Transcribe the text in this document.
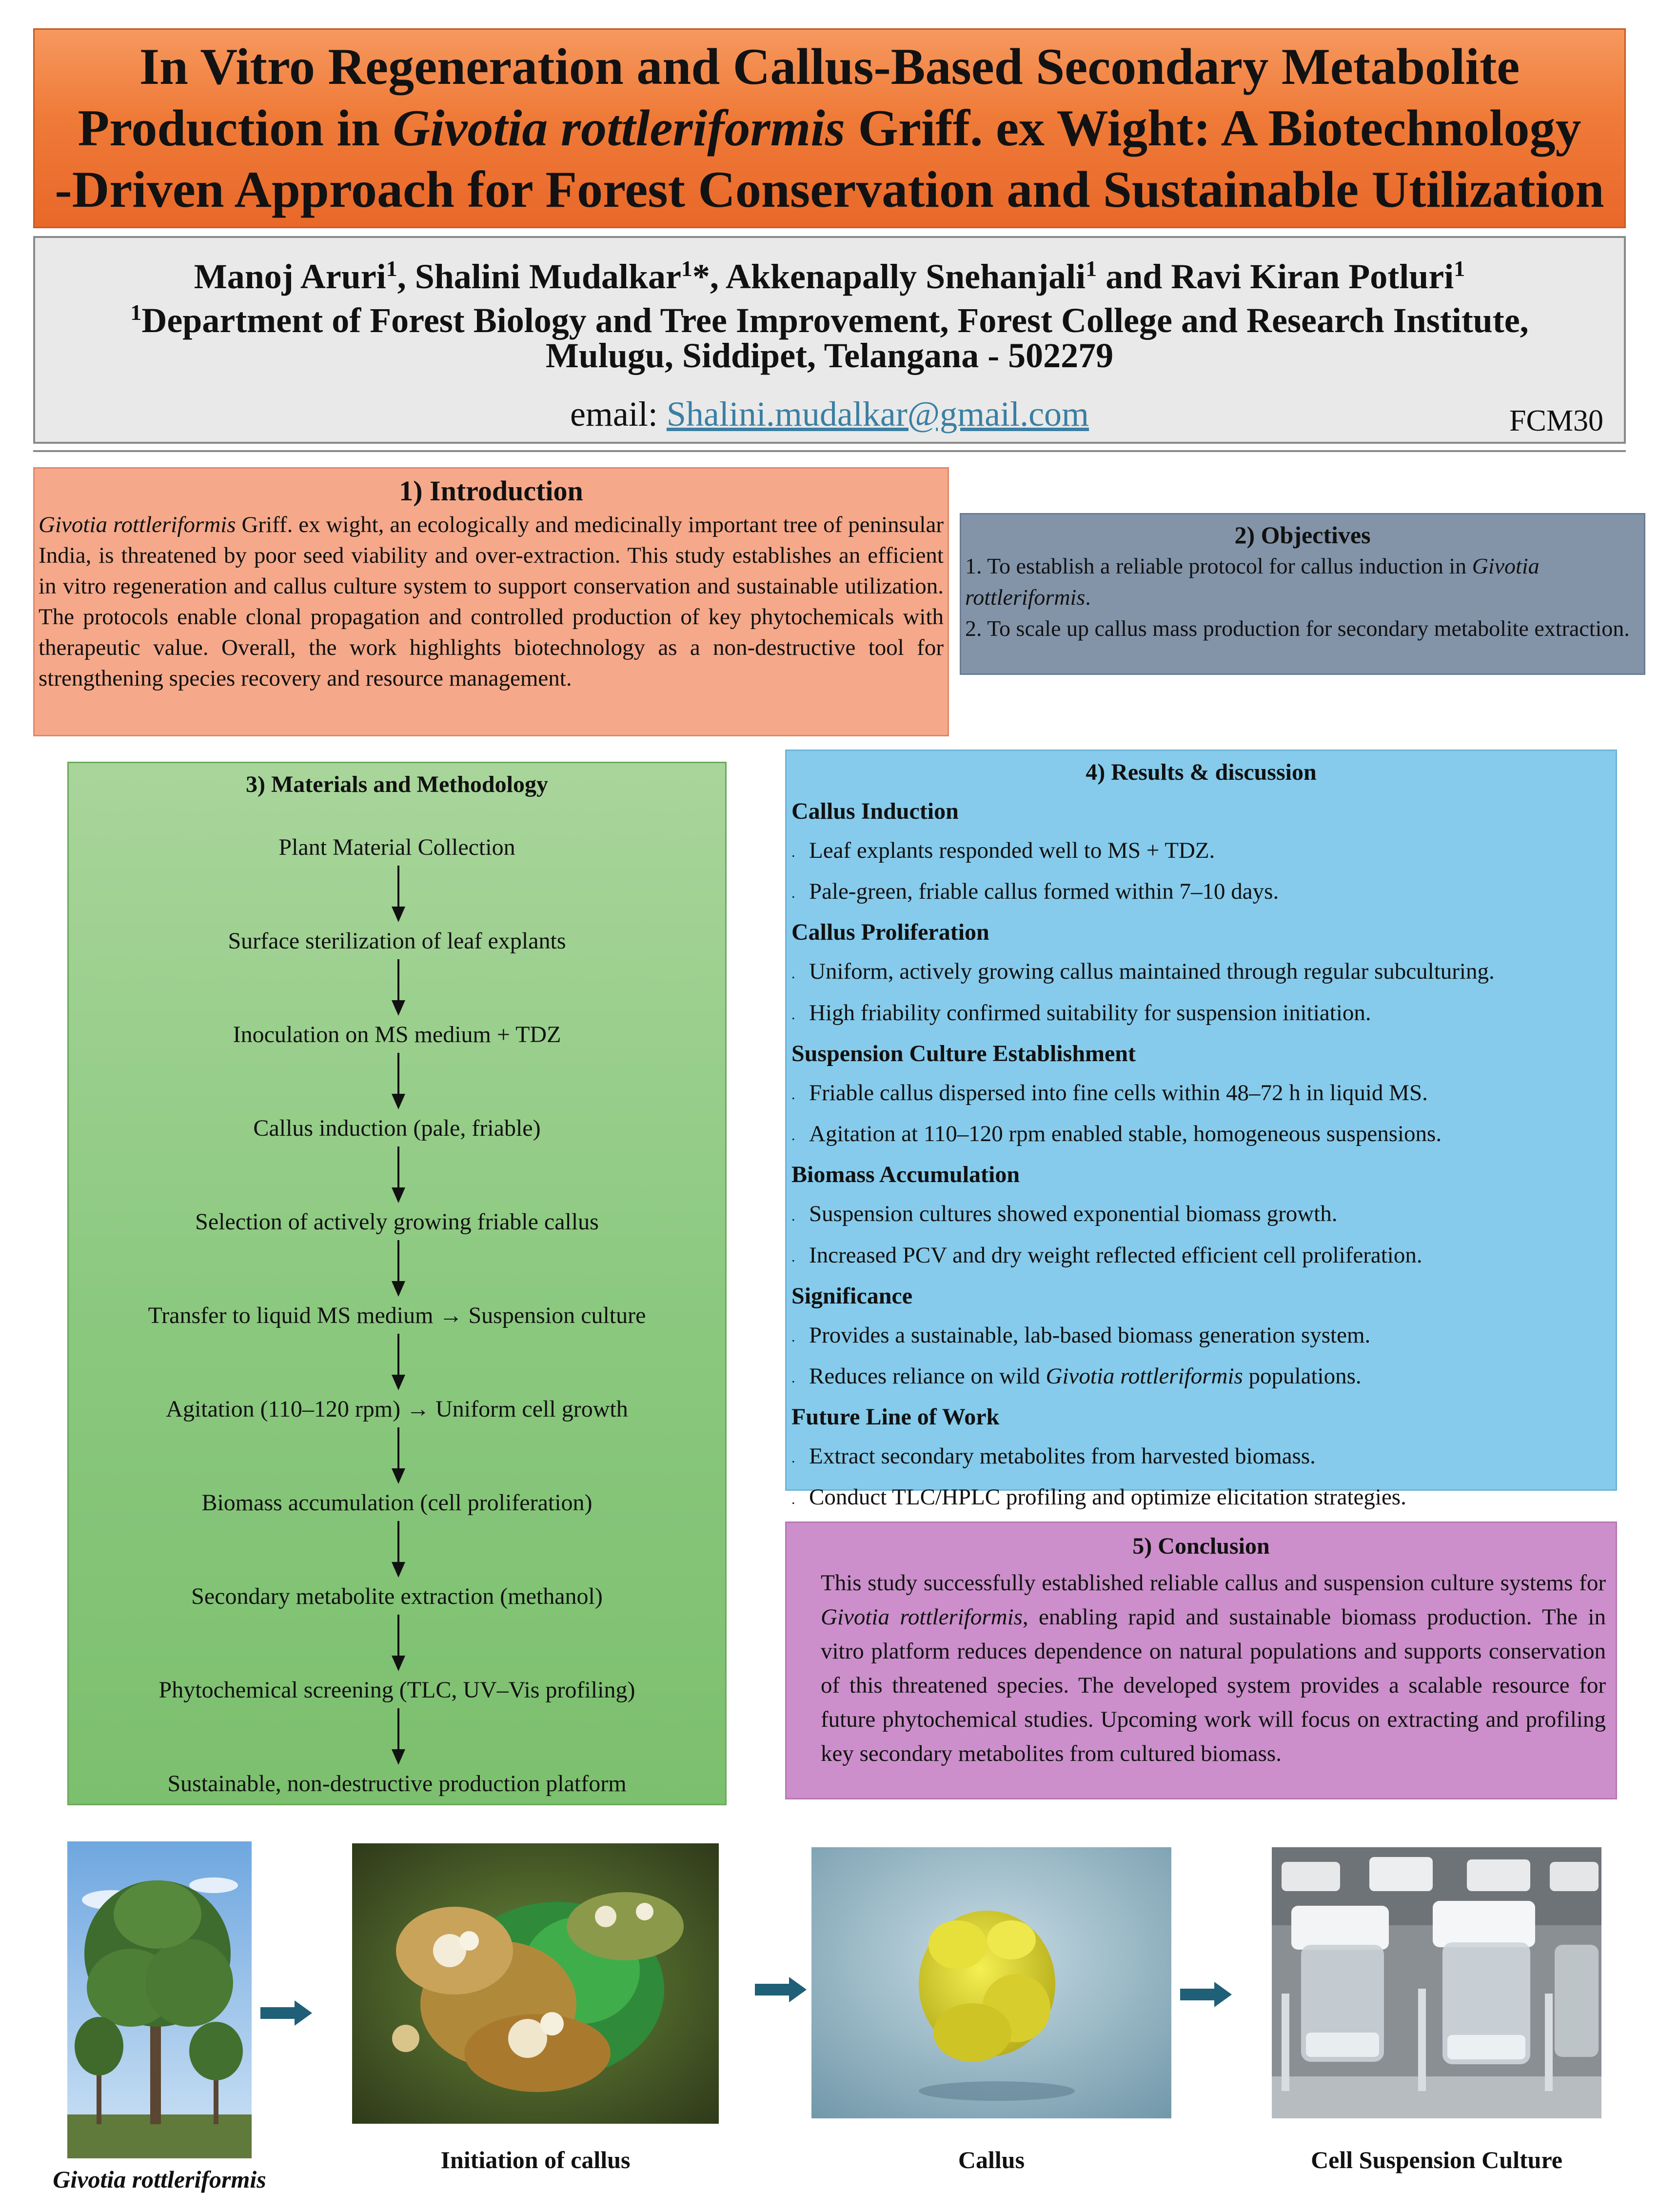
In Vitro Regeneration and Callus-Based Secondary Metabolite
Production in Givotia rottleriformis Griff. ex Wight: A Biotechnology
-Driven Approach for Forest Conservation and Sustainable Utilization
Manoj Aruri$^1$, Shalini Mudalkar$^1$*, Akkenapally Snehanjali$^1$ and Ravi Kiran Potluri$^1$
$^1$Department of Forest Biology and Tree Improvement, Forest College and Research Institute,
Mulugu, Siddipet, Telangana - 502279
email: Shalini.mudalkar@gmail.com	FCM30
1) Introduction
Givotia rottleriformis Griff. ex wight, an ecologically and medicinally important tree of peninsular India, is threatened by poor seed viability and over-extraction. This study establishes an efficient in vitro regeneration and callus culture system to support conservation and sustainable utilization. The protocols enable clonal propagation and controlled production of key phytochemicals with therapeutic value. Overall, the work highlights biotechnology as a non-destructive tool for strengthening species recovery and resource management.
2) Objectives
1. To establish a reliable protocol for callus induction in Givotia rottleriformis.
2. To scale up callus mass production for secondary metabolite extraction.
3) Materials and Methodology
Plant Material Collection
Surface sterilization of leaf explants
Inoculation on MS medium + TDZ
Callus induction (pale, friable)
Selection of actively growing friable callus
Transfer to liquid MS medium → Suspension culture
Agitation (110–120 rpm) → Uniform cell growth
Biomass accumulation (cell proliferation)
Secondary metabolite extraction (methanol)
Phytochemical screening (TLC, UV–Vis profiling)
Sustainable, non-destructive production platform
4) Results & discussion
Callus Induction
. Leaf explants responded well to MS + TDZ.
. Pale-green, friable callus formed within 7–10 days.
Callus Proliferation
. Uniform, actively growing callus maintained through regular subculturing.
. High friability confirmed suitability for suspension initiation.
Suspension Culture Establishment
. Friable callus dispersed into fine cells within 48–72 h in liquid MS.
. Agitation at 110–120 rpm enabled stable, homogeneous suspensions.
Biomass Accumulation
. Suspension cultures showed exponential biomass growth.
. Increased PCV and dry weight reflected efficient cell proliferation.
Significance
. Provides a sustainable, lab-based biomass generation system.
. Reduces reliance on wild Givotia rottleriformis populations.
Future Line of Work
. Extract secondary metabolites from harvested biomass.
. Conduct TLC/HPLC profiling and optimize elicitation strategies.
5) Conclusion
This study successfully established reliable callus and suspension culture systems for Givotia rottleriformis, enabling rapid and sustainable biomass production. The in vitro platform reduces dependence on natural populations and supports conservation of this threatened species. The developed system provides a scalable resource for future phytochemical studies. Upcoming work will focus on extracting and profiling key secondary metabolites from cultured biomass.
Givotia rottleriformis
Initiation of callus	Callus	Cell Suspension Culture
